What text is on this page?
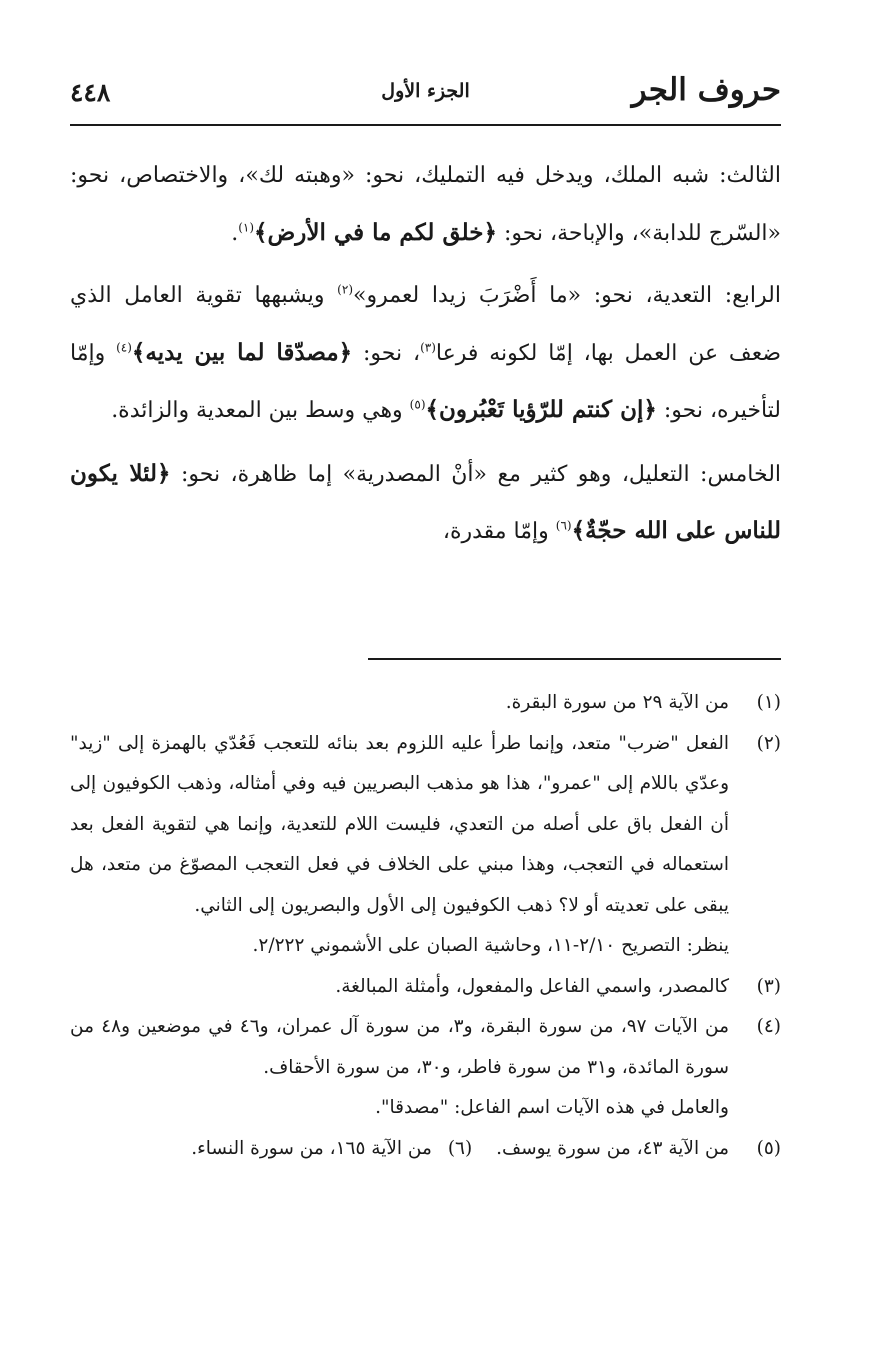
حروف الجر
الجزء الأول
٤٤٨

الثالث: شبه الملك، ويدخل فيه التمليك، نحو: «وهبته لك»، والاختصاص، نحو: «السّرج للدابة»، والإباحة، نحو: ﴿خلق لكم ما في الأرض﴾$^{(١)}$.

الرابع: التعدية، نحو: «ما أَضْرَبَ زيدا لعمرو»$^{(٢)}$ ويشبهها تقوية العامل الذي ضعف عن العمل بها، إمّا لكونه فرعا$^{(٣)}$، نحو: ﴿مصدّقا لما بين يديه﴾$^{(٤)}$ وإمّا لتأخيره، نحو: ﴿إن كنتم للرّؤيا تَعْبُرون﴾$^{(٥)}$ وهي وسط بين المعدية والزائدة.

الخامس: التعليل، وهو كثير مع «أنْ المصدرية» إما ظاهرة، نحو: ﴿لئلا يكون للناس على الله حجّةٌ﴾$^{(٦)}$ وإمّا مقدرة،

(١)
من الآية ٢٩ من سورة البقرة.
(٢)
الفعل "ضرب" متعد، وإنما طرأ عليه اللزوم بعد بنائه للتعجب فَعُدّي بالهمزة إلى "زيد" وعدّي باللام إلى "عمرو"، هذا هو مذهب البصريين فيه وفي أمثاله، وذهب الكوفيون إلى أن الفعل باق على أصله من التعدي، فليست اللام للتعدية، وإنما هي لتقوية الفعل بعد استعماله في التعجب، وهذا مبني على الخلاف في فعل التعجب المصوّغ من متعد، هل يبقى على تعديته أو لا؟ ذهب الكوفيون إلى الأول والبصريون إلى الثاني.
ينظر: التصريح ٢/١٠-١١، وحاشية الصبان على الأشموني ٢/٢٢٢.
(٣)
كالمصدر، واسمي الفاعل والمفعول، وأمثلة المبالغة.
(٤)
من الآيات ٩٧، من سورة البقرة، و٣، من سورة آل عمران، و٤٦ في موضعين و٤٨ من سورة المائدة، و٣١ من سورة فاطر، و٣٠، من سورة الأحقاف.
والعامل في هذه الآيات اسم الفاعل: "مصدقا".
(٥)
من الآية ٤٣، من سورة يوسف. (٦) من الآية ١٦٥، من سورة النساء.
